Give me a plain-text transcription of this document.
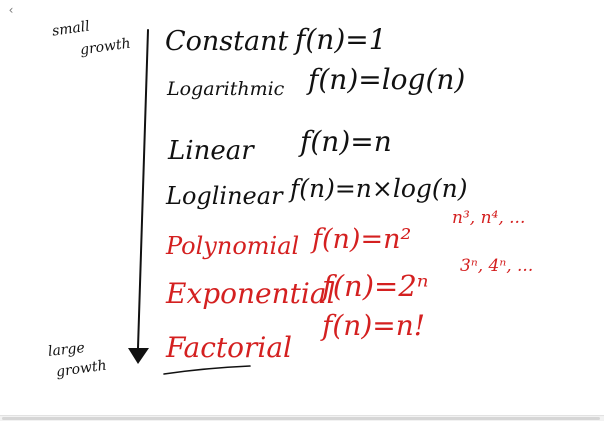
‹
small
growth
large
growth
Constant f(n)=1
Logarithmic f(n)=log(n)
Linear f(n)=n
Loglinear f(n)=n×log(n)
Polynomial f(n)=n²
n³, n⁴, ...
Exponential
f(n)=2ⁿ
3ⁿ, 4ⁿ, ...
Factorial
f(n)=n!
